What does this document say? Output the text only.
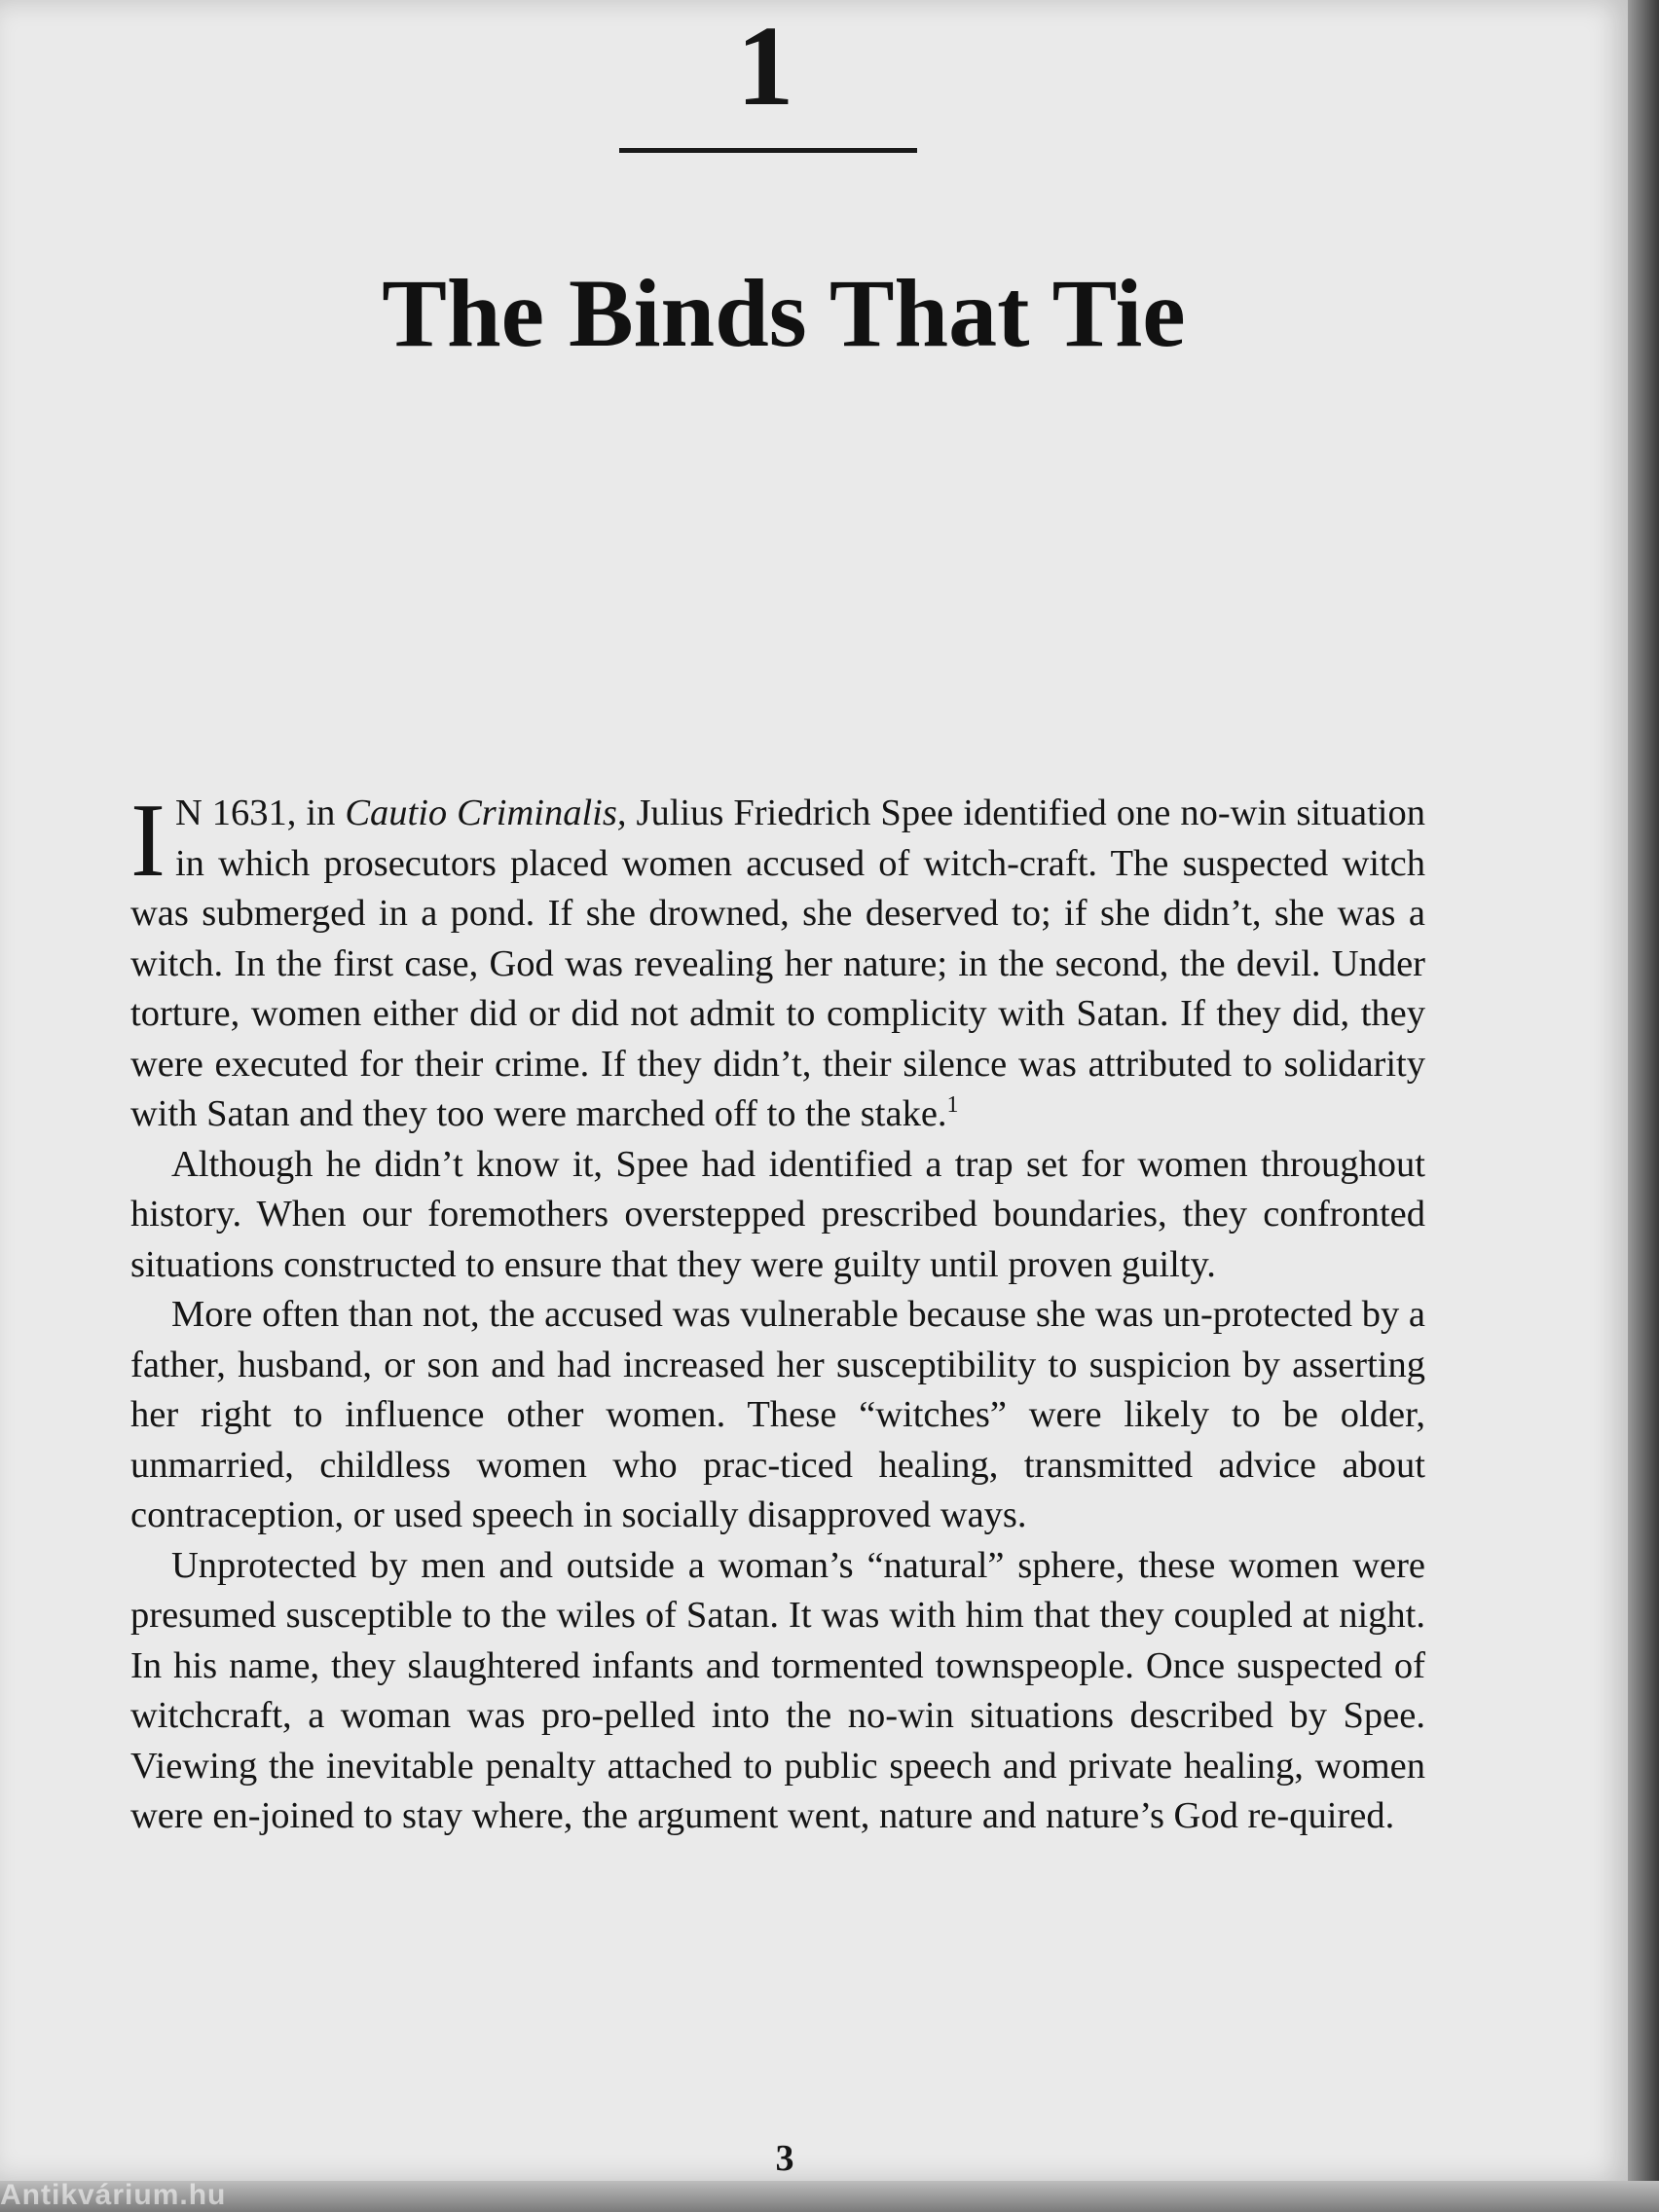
1
The Binds That Tie

I N 1631, in Cautio Criminalis, Julius Friedrich Spee identified one no-win situation in which prosecutors placed women accused of witch-craft. The suspected witch was submerged in a pond. If she drowned, she deserved to; if she didn’t, she was a witch. In the first case, God was revealing her nature; in the second, the devil. Under torture, women either did or did not admit to complicity with Satan. If they did, they were executed for their crime. If they didn’t, their silence was attributed to solidarity with Satan and they too were marched off to the stake.$^1$

Although he didn’t know it, Spee had identified a trap set for women throughout history. When our foremothers overstepped prescribed boundaries, they confronted situations constructed to ensure that they were guilty until proven guilty.

More often than not, the accused was vulnerable because she was un-protected by a father, husband, or son and had increased her susceptibility to suspicion by asserting her right to influence other women. These “witches” were likely to be older, unmarried, childless women who prac-ticed healing, transmitted advice about contraception, or used speech in socially disapproved ways.

Unprotected by men and outside a woman’s “natural” sphere, these women were presumed susceptible to the wiles of Satan. It was with him that they coupled at night. In his name, they slaughtered infants and tormented townspeople. Once suspected of witchcraft, a woman was pro-pelled into the no-win situations described by Spee. Viewing the inevitable penalty attached to public speech and private healing, women were en-joined to stay where, the argument went, nature and nature’s God re-quired.

3
Antikvárium.hu
